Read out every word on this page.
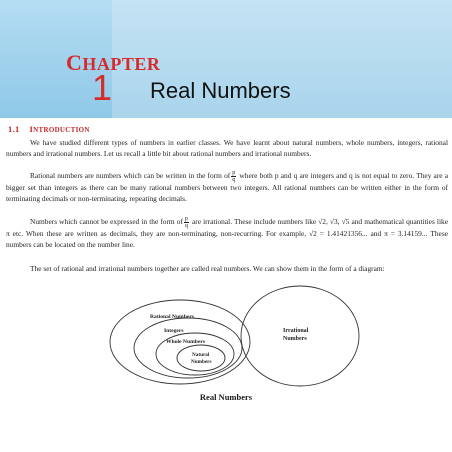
CHAPTER
1 Real Numbers
1.1 INTRODUCTION

We have studied different types of numbers in earlier classes. We have learnt about natural numbers, whole numbers, integers, rational numbers and irrational numbers. Let us recall a little bit about rational numbers and irrational numbers.

Rational numbers are numbers which can be written in the form of $\frac{p}{q}$ where both p and q are integers and q is not equal to zero. They are a bigger set than integers as there can be many rational numbers between two integers. All rational numbers can be written either in the form of terminating decimals or non-terminating, repeating decimals.

Numbers which cannot be expressed in the form of $\frac{p}{q}$ are irrational. These include numbers like √2, √3, √5 and mathematical quantities like π etc. When these are written as decimals, they are non-terminating, non-recurring. For example, √2 = 1.41421356... and π = 3.14159... These numbers can be located on the number line.

The set of rational and irrational numbers together are called real numbers. We can show them in the form of a diagram:

Rational Numbers
Integers
Whole Numbers
Natural
Numbers
Irrational
Numbers
Real Numbers
